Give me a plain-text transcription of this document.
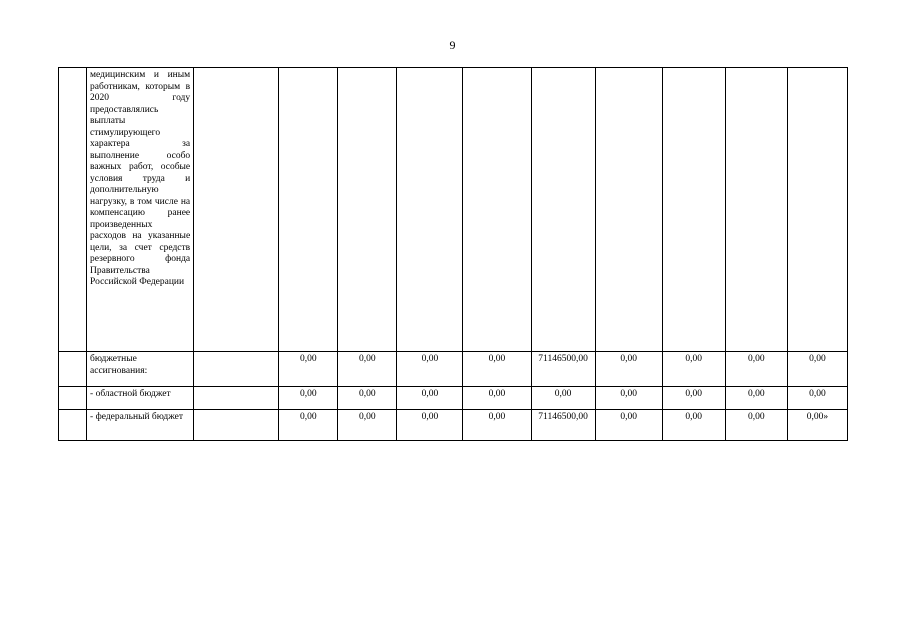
9
	медицинским и иным работникам, которым в 2020 году предоставлялись выплаты стимулирующего характера за выполнение особо важных работ, особые условия труда и дополнительную нагрузку, в том числе на компенсацию ранее произведенных расходов на указанные цели, за счет средств резервного фонда Правительства Российской Федерации										
	бюджетные ассигнования:		0,00	0,00	0,00	0,00	71146500,00	0,00	0,00	0,00	0,00
	- областной бюджет		0,00	0,00	0,00	0,00	0,00	0,00	0,00	0,00	0,00
	- федеральный бюджет		0,00	0,00	0,00	0,00	71146500,00	0,00	0,00	0,00	0,00»
